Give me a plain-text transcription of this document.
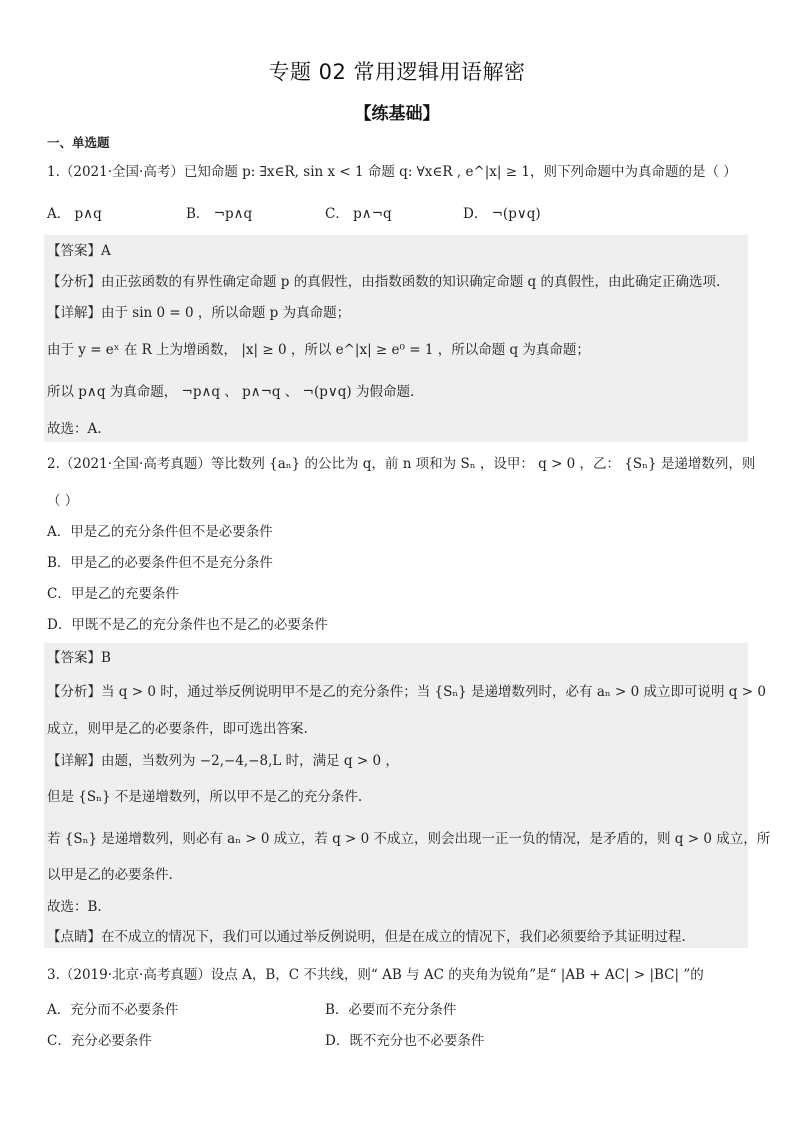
专题 02 常用逻辑用语解密
【练基础】
一、单选题
1.（2021·全国·高考）已知命题 p: ∃x∈R, sin x < 1 命题 q: ∀x∈R , e^|x| ≥ 1，则下列命题中为真命题的是（ ）
A． p∧q	B． ¬p∧q	C． p∧¬q	D． ¬(p∨q)
【答案】A
【分析】由正弦函数的有界性确定命题 p 的真假性，由指数函数的知识确定命题 q 的真假性，由此确定正确选项.
【详解】由于 sin 0 = 0 ，所以命题 p 为真命题；
由于 y = eˣ 在 R 上为增函数， |x| ≥ 0 ，所以 e^|x| ≥ e⁰ = 1 ，所以命题 q 为真命题；
所以 p∧q 为真命题， ¬p∧q 、 p∧¬q 、 ¬(p∨q) 为假命题.
故选：A.
2.（2021·全国·高考真题）等比数列 {aₙ} 的公比为 q，前 n 项和为 Sₙ ，设甲： q > 0 ，乙： {Sₙ} 是递增数列，则
（ ）
A．甲是乙的充分条件但不是必要条件
B．甲是乙的必要条件但不是充分条件
C．甲是乙的充要条件
D．甲既不是乙的充分条件也不是乙的必要条件
【答案】B
【分析】当 q > 0 时，通过举反例说明甲不是乙的充分条件；当 {Sₙ} 是递增数列时，必有 aₙ > 0 成立即可说明 q > 0
成立，则甲是乙的必要条件，即可选出答案.
【详解】由题，当数列为 −2,−4,−8,L 时，满足 q > 0 ，
但是 {Sₙ} 不是递增数列，所以甲不是乙的充分条件.
若 {Sₙ} 是递增数列，则必有 aₙ > 0 成立，若 q > 0 不成立，则会出现一正一负的情况，是矛盾的，则 q > 0 成立，所
以甲是乙的必要条件.
故选：B.
【点睛】在不成立的情况下，我们可以通过举反例说明，但是在成立的情况下，我们必须要给予其证明过程.
3.（2019·北京·高考真题）设点 A，B，C 不共线，则“ AB 与 AC 的夹角为锐角”是“ |AB + AC| > |BC| ”的
A．充分而不必要条件	B．必要而不充分条件
C．充分必要条件	D．既不充分也不必要条件
